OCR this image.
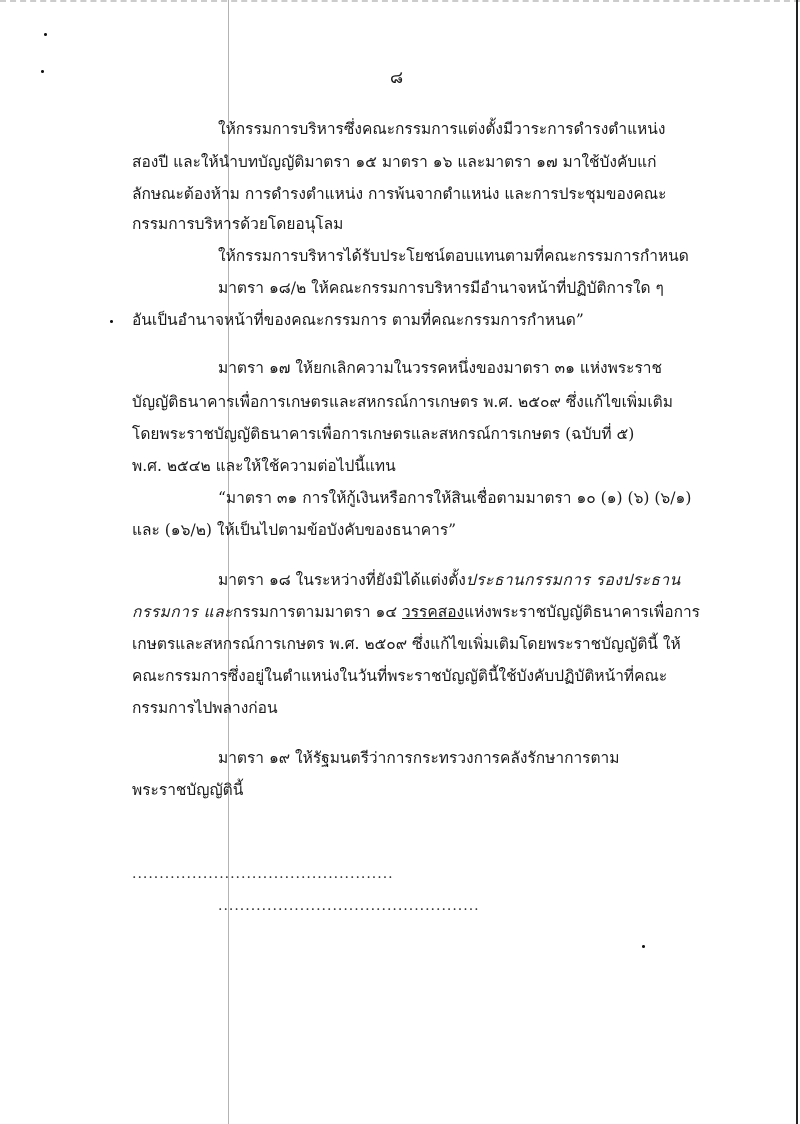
๘
ให้กรรมการบริหารซึ่งคณะกรรมการแต่งตั้งมีวาระการดำรงตำแหน่ง
สองปี และให้นำบทบัญญัติมาตรา ๑๕ มาตรา ๑๖ และมาตรา ๑๗ มาใช้บังคับแก่
ลักษณะต้องห้าม การดำรงตำแหน่ง การพ้นจากตำแหน่ง และการประชุมของคณะ
กรรมการบริหารด้วยโดยอนุโลม
ให้กรรมการบริหารได้รับประโยชน์ตอบแทนตามที่คณะกรรมการกำหนด
มาตรา ๑๘/๒ ให้คณะกรรมการบริหารมีอำนาจหน้าที่ปฏิบัติการใด ๆ
อันเป็นอำนาจหน้าที่ของคณะกรรมการ ตามที่คณะกรรมการกำหนด”
มาตรา ๑๗ ให้ยกเลิกความในวรรคหนึ่งของมาตรา ๓๑ แห่งพระราช
บัญญัติธนาคารเพื่อการเกษตรและสหกรณ์การเกษตร พ.ศ. ๒๕๐๙ ซึ่งแก้ไขเพิ่มเติม
โดยพระราชบัญญัติธนาคารเพื่อการเกษตรและสหกรณ์การเกษตร (ฉบับที่ ๕)
พ.ศ. ๒๕๔๒ และให้ใช้ความต่อไปนี้แทน
“มาตรา ๓๑ การให้กู้เงินหรือการให้สินเชื่อตามมาตรา ๑๐ (๑) (๖) (๖/๑)
และ (๑๖/๒) ให้เป็นไปตามข้อบังคับของธนาคาร”
มาตรา ๑๘ ในระหว่างที่ยังมิได้แต่งตั้งประธานกรรมการ รองประธาน
กรรมการ และกรรมการตามมาตรา ๑๔ วรรคสองแห่งพระราชบัญญัติธนาคารเพื่อการ
เกษตรและสหกรณ์การเกษตร พ.ศ. ๒๕๐๙ ซึ่งแก้ไขเพิ่มเติมโดยพระราชบัญญัตินี้ ให้
คณะกรรมการซึ่งอยู่ในตำแหน่งในวันที่พระราชบัญญัตินี้ใช้บังคับปฏิบัติหน้าที่คณะ
กรรมการไปพลางก่อน
มาตรา ๑๙ ให้รัฐมนตรีว่าการกระทรวงการคลังรักษาการตาม
พระราชบัญญัตินี้
................................................
................................................
